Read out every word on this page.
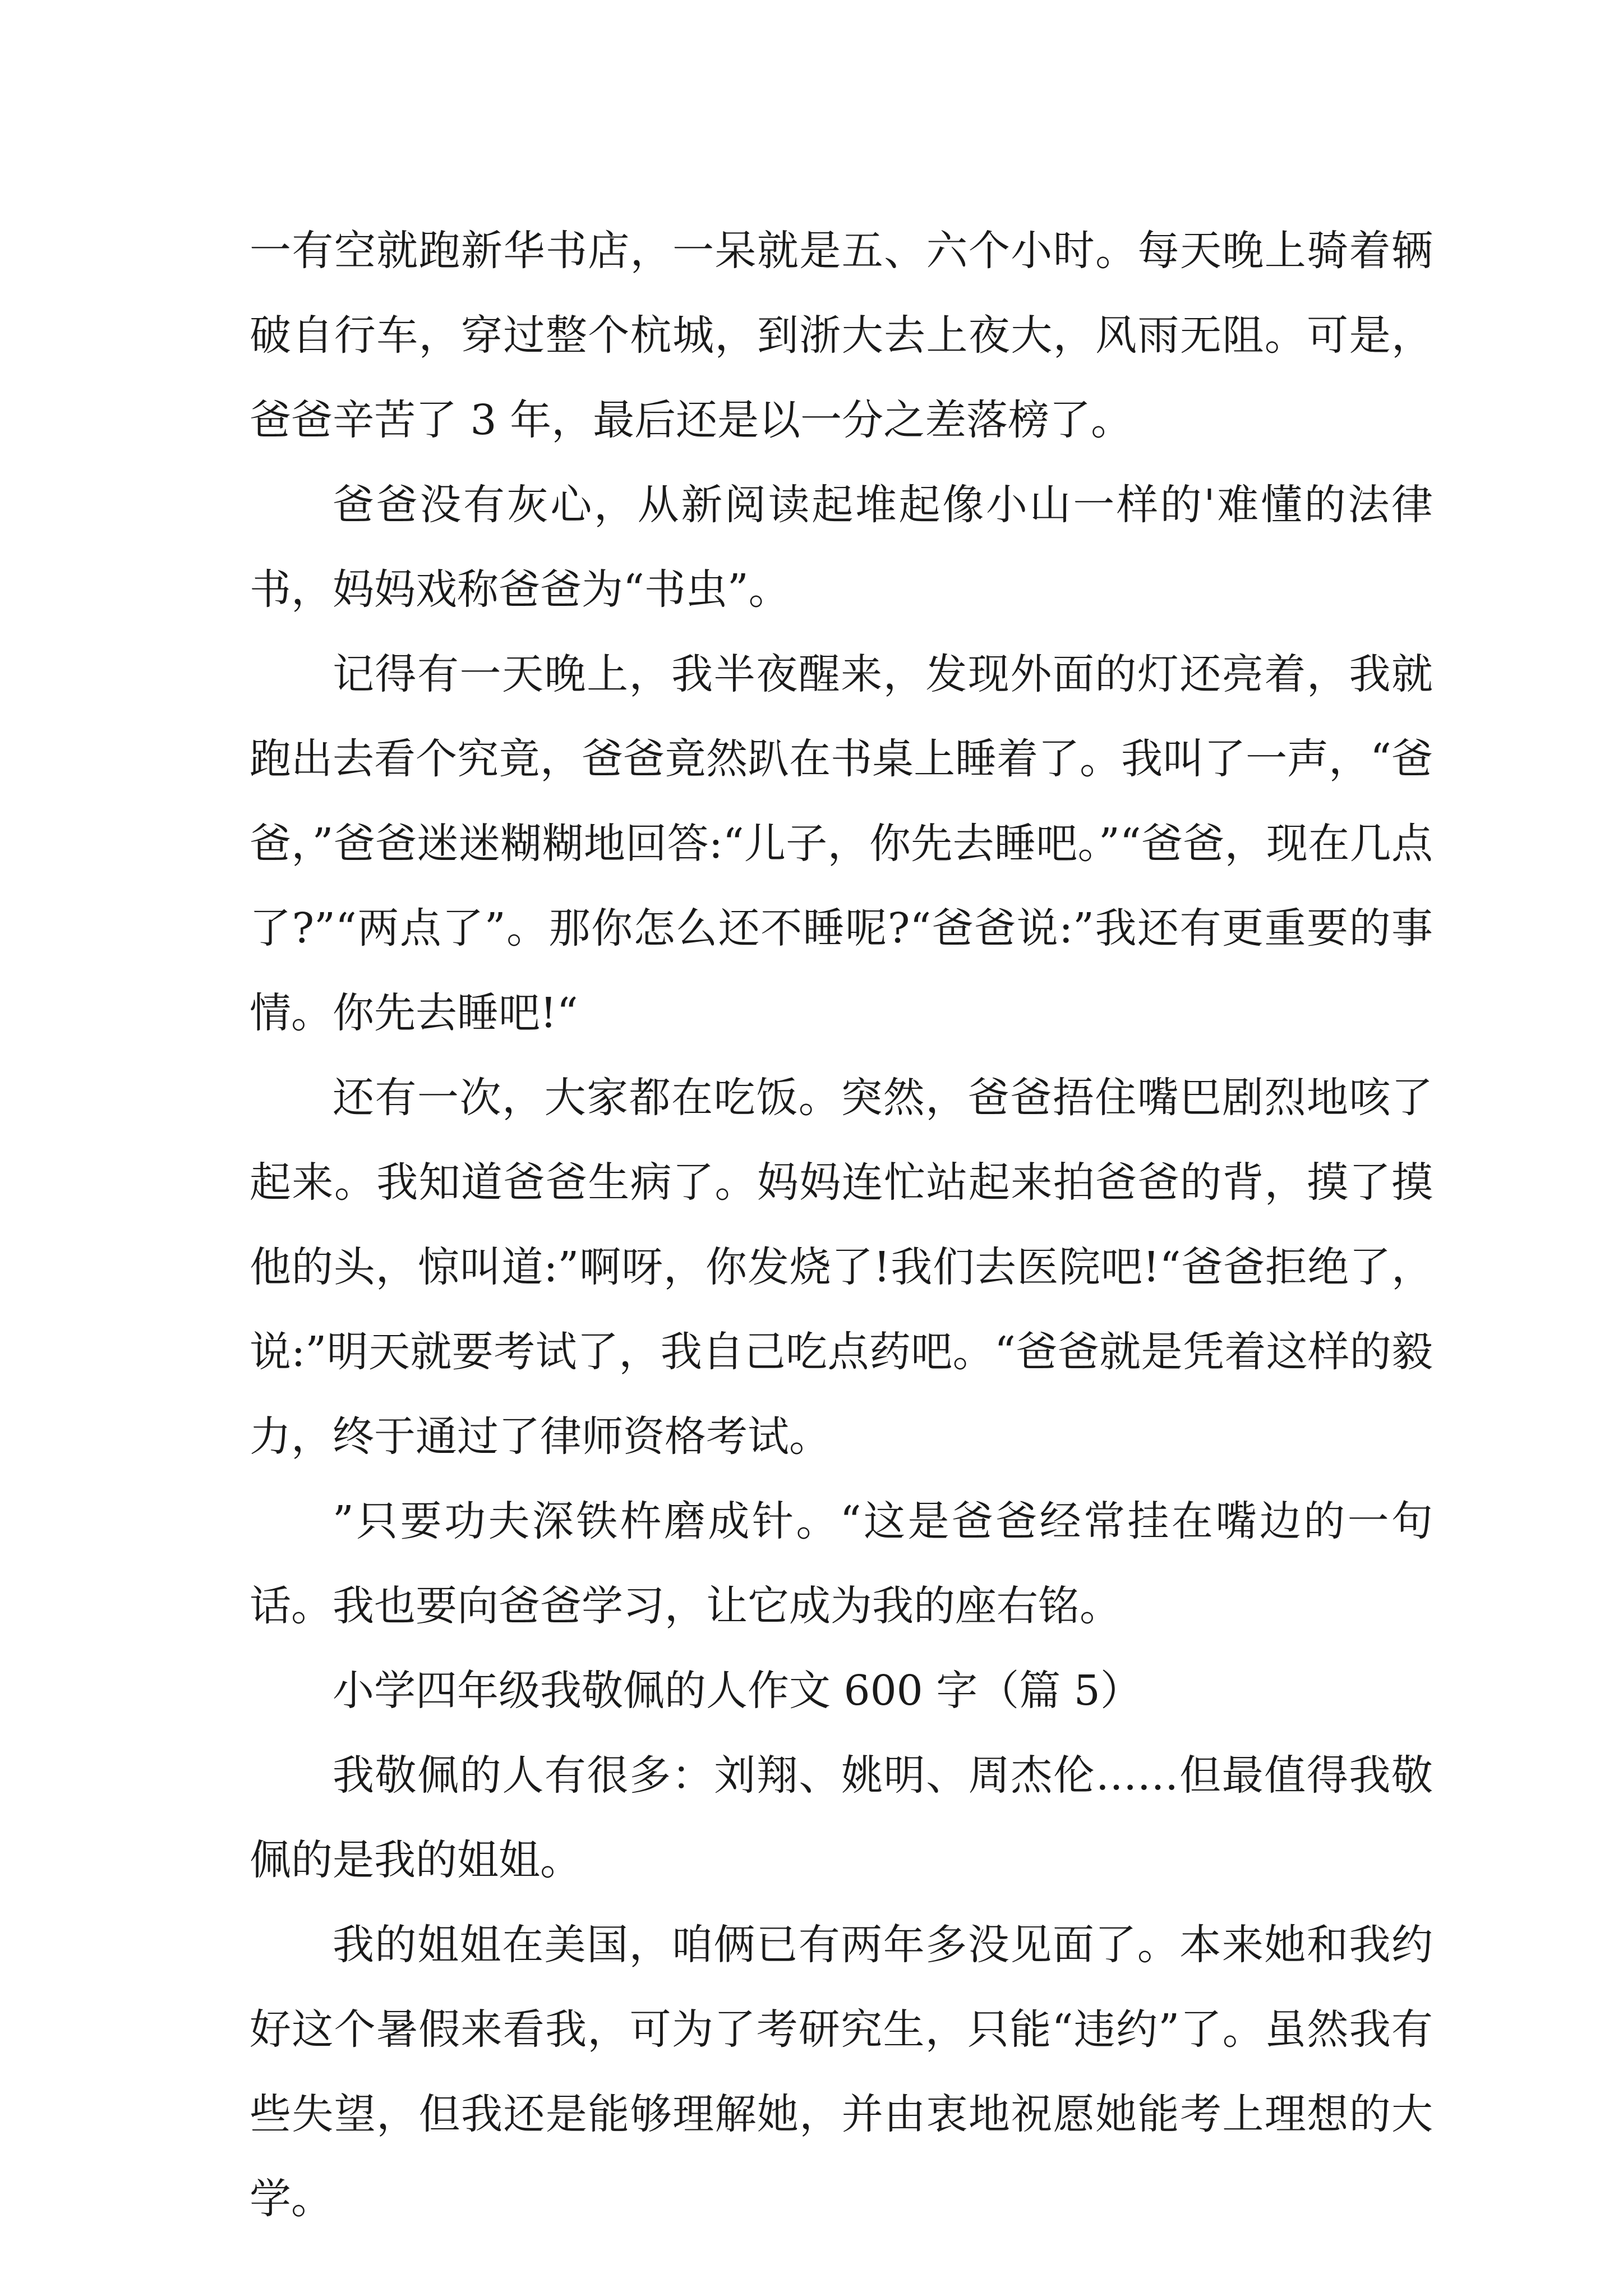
一有空就跑新华书店，一呆就是五、六个小时。每天晚上骑着辆破自行车，穿过整个杭城，到浙大去上夜大，风雨无阻。可是，爸爸辛苦了 3 年，最后还是以一分之差落榜了。

爸爸没有灰心，从新阅读起堆起像小山一样的'难懂的法律书，妈妈戏称爸爸为“书虫”。

记得有一天晚上，我半夜醒来，发现外面的灯还亮着，我就跑出去看个究竟，爸爸竟然趴在书桌上睡着了。我叫了一声，“爸爸，”爸爸迷迷糊糊地回答:“儿子，你先去睡吧。”“爸爸，现在几点了?”“两点了”。那你怎么还不睡呢?“爸爸说:”我还有更重要的事情。你先去睡吧!“

还有一次，大家都在吃饭。突然，爸爸捂住嘴巴剧烈地咳了起来。我知道爸爸生病了。妈妈连忙站起来拍爸爸的背，摸了摸他的头，惊叫道:”啊呀，你发烧了!我们去医院吧!“爸爸拒绝了，说:”明天就要考试了，我自己吃点药吧。“爸爸就是凭着这样的毅力，终于通过了律师资格考试。

”只要功夫深铁杵磨成针。“这是爸爸经常挂在嘴边的一句话。我也要向爸爸学习，让它成为我的座右铭。

小学四年级我敬佩的人作文 600 字（篇 5）

我敬佩的人有很多：刘翔、姚明、周杰伦……但最值得我敬佩的是我的姐姐。

我的姐姐在美国，咱俩已有两年多没见面了。本来她和我约好这个暑假来看我，可为了考研究生，只能“违约”了。虽然我有些失望，但我还是能够理解她，并由衷地祝愿她能考上理想的大学。
